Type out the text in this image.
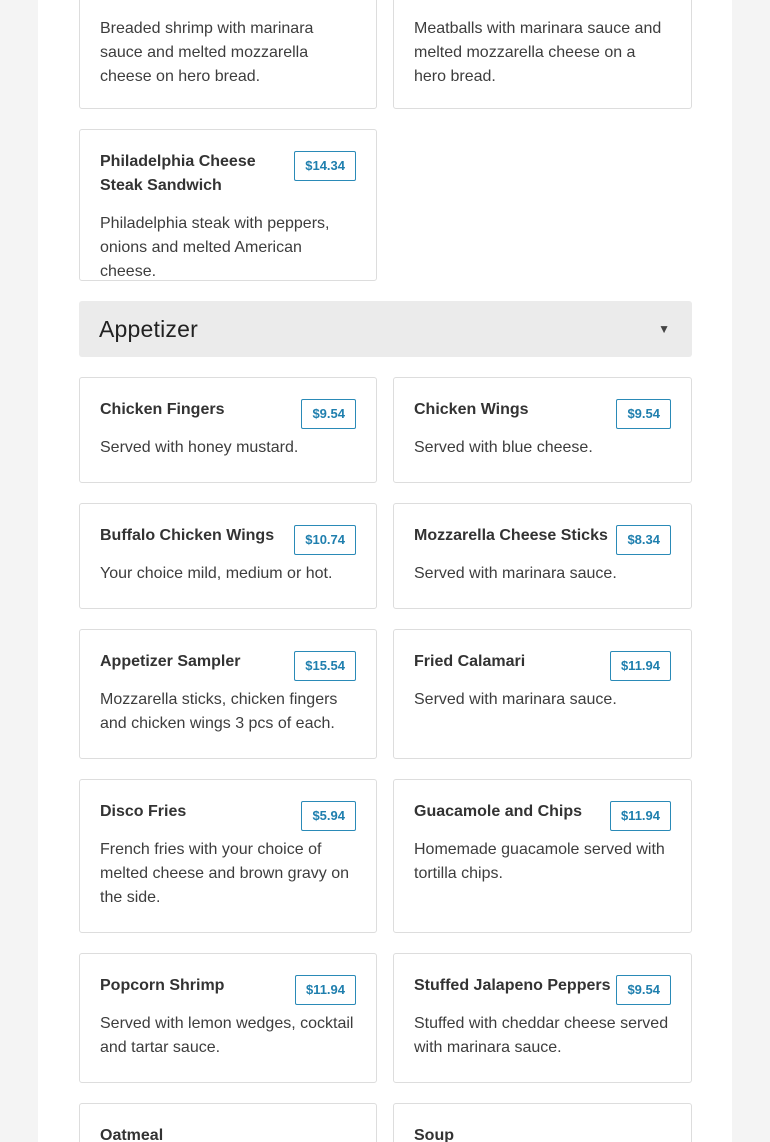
Breaded shrimp with marinara sauce and melted mozzarella cheese on hero bread.
Meatballs with marinara sauce and melted mozzarella cheese on a hero bread.
Philadelphia Cheese Steak Sandwich
$14.34
Philadelphia steak with peppers, onions and melted American cheese.
Appetizer	▼
Chicken Fingers	$9.54
Served with honey mustard.
Chicken Wings	$9.54
Served with blue cheese.
Buffalo Chicken Wings	$10.74
Your choice mild, medium or hot.
Mozzarella Cheese Sticks	$8.34
Served with marinara sauce.
Appetizer Sampler	$15.54
Mozzarella sticks, chicken fingers and chicken wings 3 pcs of each.
Fried Calamari	$11.94
Served with marinara sauce.
Disco Fries	$5.94
French fries with your choice of melted cheese and brown gravy on the side.
Guacamole and Chips	$11.94
Homemade guacamole served with tortilla chips.
Popcorn Shrimp	$11.94
Served with lemon wedges, cocktail and tartar sauce.
Stuffed Jalapeno Peppers	$9.54
Stuffed with cheddar cheese served with marinara sauce.
Oatmeal	Soup
